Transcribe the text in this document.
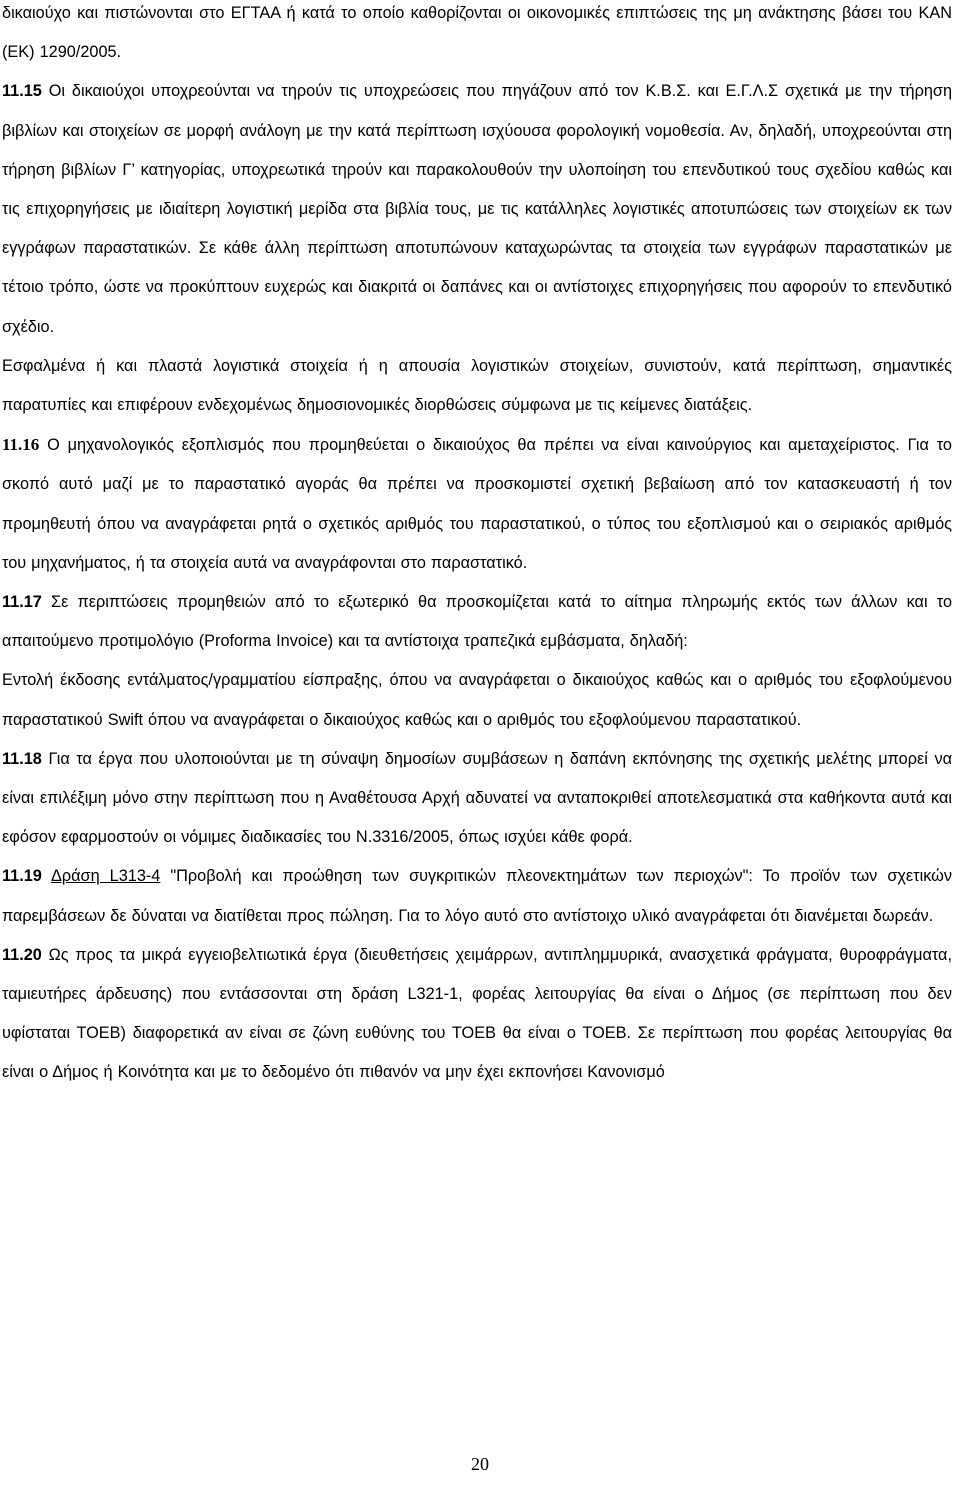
δικαιούχο και πιστώνονται στο ΕΓΤΑΑ ή κατά το οποίο καθορίζονται οι οικονομικές επιπτώσεις της μη ανάκτησης βάσει του ΚΑΝ (ΕΚ) 1290/2005.

11.15 Οι δικαιούχοι υποχρεούνται να τηρούν τις υποχρεώσεις που πηγάζουν από τον Κ.Β.Σ. και Ε.Γ.Λ.Σ σχετικά με την τήρηση βιβλίων και στοιχείων σε μορφή ανάλογη με την κατά περίπτωση ισχύουσα φορολογική νομοθεσία. Αν, δηλαδή, υποχρεούνται στη τήρηση βιβλίων Γ’ κατηγορίας, υποχρεωτικά τηρούν και παρακολουθούν την υλοποίηση του επενδυτικού τους σχεδίου καθώς και τις επιχορηγήσεις με ιδιαίτερη λογιστική μερίδα στα βιβλία τους, με τις κατάλληλες λογιστικές αποτυπώσεις των στοιχείων εκ των εγγράφων παραστατικών. Σε κάθε άλλη περίπτωση αποτυπώνουν καταχωρώντας τα στοιχεία των εγγράφων παραστατικών με τέτοιο τρόπο, ώστε να προκύπτουν ευχερώς και διακριτά οι δαπάνες και οι αντίστοιχες επιχορηγήσεις που αφορούν το επενδυτικό σχέδιο.

Εσφαλμένα ή και πλαστά λογιστικά στοιχεία ή η απουσία λογιστικών στοιχείων, συνιστούν, κατά περίπτωση, σημαντικές παρατυπίες και επιφέρουν ενδεχομένως δημοσιονομικές διορθώσεις σύμφωνα με τις κείμενες διατάξεις.

11.16 Ο μηχανολογικός εξοπλισμός που προμηθεύεται ο δικαιούχος θα πρέπει να είναι καινούργιος και αμεταχείριστος. Για το σκοπό αυτό μαζί με το παραστατικό αγοράς θα πρέπει να προσκομιστεί σχετική βεβαίωση από τον κατασκευαστή ή τον προμηθευτή όπου να αναγράφεται ρητά ο σχετικός αριθμός του παραστατικού, ο τύπος του εξοπλισμού και ο σειριακός αριθμός του μηχανήματος, ή τα στοιχεία αυτά να αναγράφονται στο παραστατικό.

11.17 Σε περιπτώσεις προμηθειών από το εξωτερικό θα προσκομίζεται κατά το αίτημα πληρωμής εκτός των άλλων και το απαιτούμενο προτιμολόγιο (Proforma Invoice) και τα αντίστοιχα τραπεζικά εμβάσματα, δηλαδή:

Εντολή έκδοσης εντάλματος/γραμματίου είσπραξης, όπου να αναγράφεται ο δικαιούχος καθώς και ο αριθμός του εξοφλούμενου παραστατικού Swift όπου να αναγράφεται ο δικαιούχος καθώς και ο αριθμός του εξοφλούμενου παραστατικού.

11.18 Για τα έργα που υλοποιούνται με τη σύναψη δημοσίων συμβάσεων η δαπάνη εκπόνησης της σχετικής μελέτης μπορεί να είναι επιλέξιμη μόνο στην περίπτωση που η Αναθέτουσα Αρχή αδυνατεί να ανταποκριθεί αποτελεσματικά στα καθήκοντα αυτά και εφόσον εφαρμοστούν οι νόμιμες διαδικασίες του Ν.3316/2005, όπως ισχύει κάθε φορά.

11.19 Δράση L313-4 "Προβολή και προώθηση των συγκριτικών πλεονεκτημάτων των περιοχών": Το προϊόν των σχετικών παρεμβάσεων δε δύναται να διατίθεται προς πώληση. Για το λόγο αυτό στο αντίστοιχο υλικό αναγράφεται ότι διανέμεται δωρεάν.

11.20 Ως προς τα μικρά εγγειοβελτιωτικά έργα (διευθετήσεις χειμάρρων, αντιπλημμυρικά, ανασχετικά φράγματα, θυροφράγματα, ταμιευτήρες άρδευσης) που εντάσσονται στη δράση L321-1, φορέας λειτουργίας θα είναι ο Δήμος (σε περίπτωση που δεν υφίσταται ΤΟΕΒ) διαφορετικά αν είναι σε ζώνη ευθύνης του ΤΟΕΒ θα είναι ο ΤΟΕΒ. Σε περίπτωση που φορέας λειτουργίας θα είναι ο Δήμος ή Κοινότητα και με το δεδομένο ότι πιθανόν να μην έχει εκπονήσει Κανονισμό

20
